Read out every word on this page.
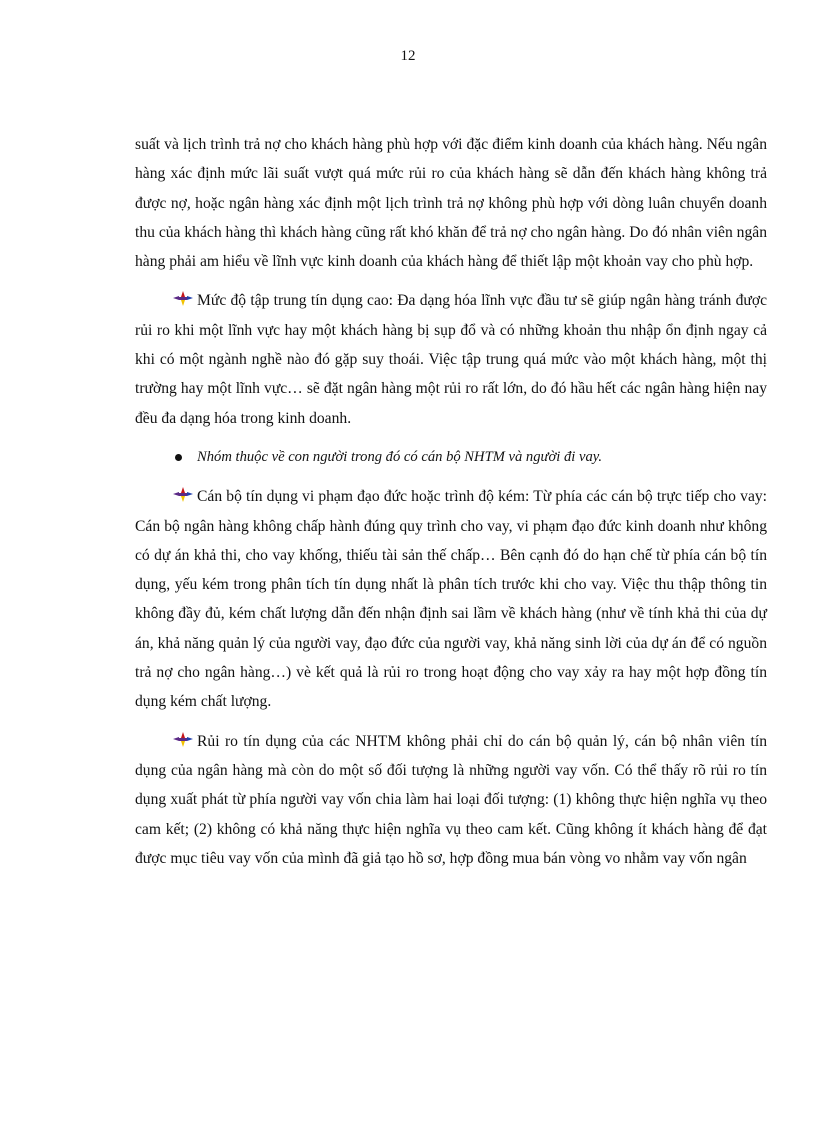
12

suất và lịch trình trả nợ cho khách hàng phù hợp với đặc điểm kinh doanh của khách hàng. Nếu ngân hàng xác định mức lãi suất vượt quá mức rủi ro của khách hàng sẽ dẫn đến khách hàng không trả được nợ, hoặc ngân hàng xác định một lịch trình trả nợ không phù hợp với dòng luân chuyển doanh thu của khách hàng thì khách hàng cũng rất khó khăn để trả nợ cho ngân hàng. Do đó nhân viên ngân hàng phải am hiểu về lĩnh vực kinh doanh của khách hàng để thiết lập một khoản vay cho phù hợp.

Mức độ tập trung tín dụng cao: Đa dạng hóa lĩnh vực đầu tư sẽ giúp ngân hàng tránh được rủi ro khi một lĩnh vực hay một khách hàng bị sụp đổ và có những khoản thu nhập ổn định ngay cả khi có một ngành nghề nào đó gặp suy thoái. Việc tập trung quá mức vào một khách hàng, một thị trường hay một lĩnh vực… sẽ đặt ngân hàng một rủi ro rất lớn, do đó hầu hết các ngân hàng hiện nay đều đa dạng hóa trong kinh doanh.

Nhóm thuộc về con người trong đó có cán bộ NHTM và người đi vay.

Cán bộ tín dụng vi phạm đạo đức hoặc trình độ kém: Từ phía các cán bộ trực tiếp cho vay: Cán bộ ngân hàng không chấp hành đúng quy trình cho vay, vi phạm đạo đức kinh doanh như không có dự án khả thi, cho vay khống, thiếu tài sản thế chấp… Bên cạnh đó do hạn chế từ phía cán bộ tín dụng, yếu kém trong phân tích tín dụng nhất là phân tích trước khi cho vay. Việc thu thập thông tin không đầy đủ, kém chất lượng dẫn đến nhận định sai lầm về khách hàng (như về tính khả thi của dự án, khả năng quản lý của người vay, đạo đức của người vay, khả năng sinh lời của dự án để có nguồn trả nợ cho ngân hàng…) vè kết quả là rủi ro trong hoạt động cho vay xảy ra hay một hợp đồng tín dụng kém chất lượng.

Rủi ro tín dụng của các NHTM không phải chỉ do cán bộ quản lý, cán bộ nhân viên tín dụng của ngân hàng mà còn do một số đối tượng là những người vay vốn. Có thể thấy rõ rủi ro tín dụng xuất phát từ phía người vay vốn chia làm hai loại đối tượng: (1) không thực hiện nghĩa vụ theo cam kết; (2) không có khả năng thực hiện nghĩa vụ theo cam kết. Cũng không ít khách hàng để đạt được mục tiêu vay vốn của mình đã giả tạo hồ sơ, hợp đồng mua bán vòng vo nhằm vay vốn ngân
